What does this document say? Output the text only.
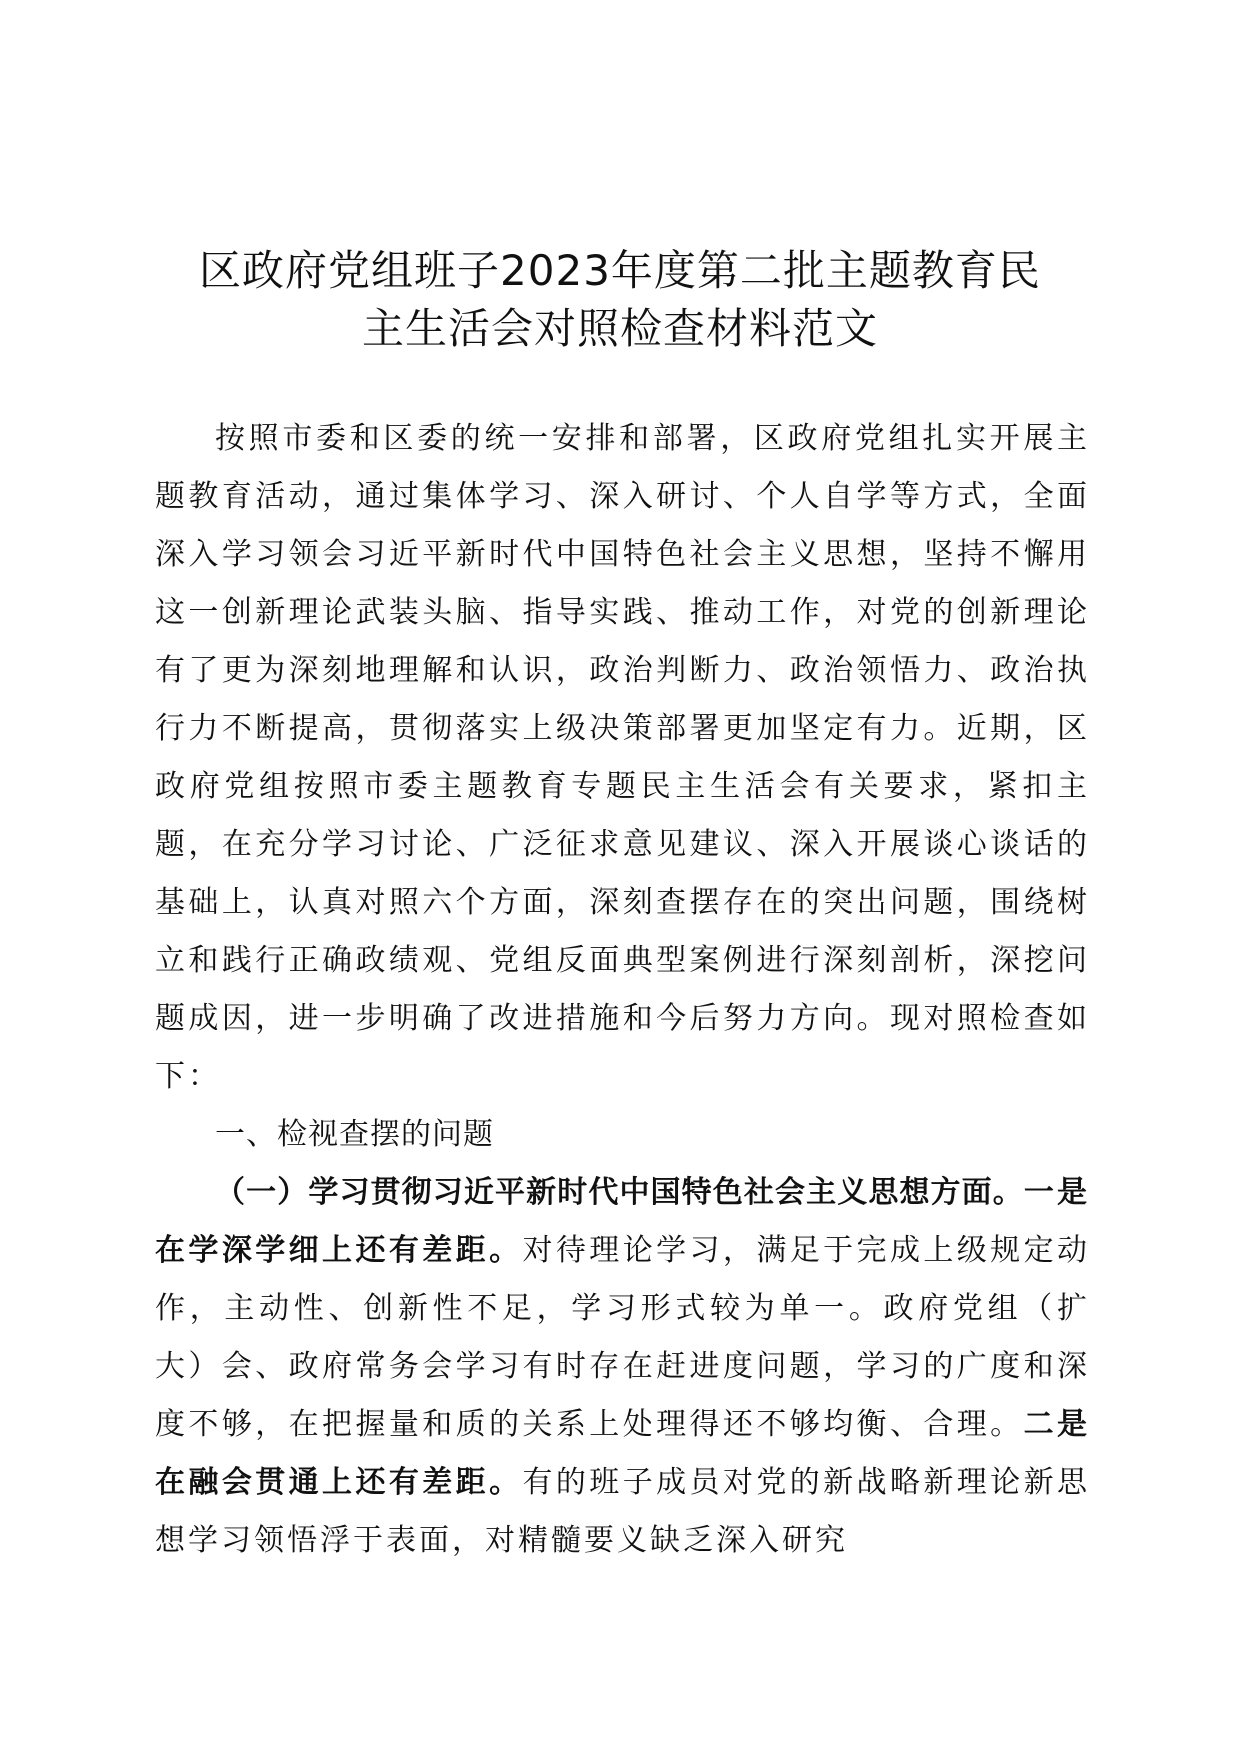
区政府党组班子2023年度第二批主题教育民
主生活会对照检查材料范文

按照市委和区委的统一安排和部署，区政府党组扎实开展主题教育活动，通过集体学习、深入研讨、个人自学等方式，全面深入学习领会习近平新时代中国特色社会主义思想，坚持不懈用这一创新理论武装头脑、指导实践、推动工作，对党的创新理论有了更为深刻地理解和认识，政治判断力、政治领悟力、政治执行力不断提高，贯彻落实上级决策部署更加坚定有力。近期，区政府党组按照市委主题教育专题民主生活会有关要求，紧扣主题，在充分学习讨论、广泛征求意见建议、深入开展谈心谈话的基础上，认真对照六个方面，深刻查摆存在的突出问题，围绕树立和践行正确政绩观、党组反面典型案例进行深刻剖析，深挖问题成因，进一步明确了改进措施和今后努力方向。现对照检查如下：

一、检视查摆的问题

（一）学习贯彻习近平新时代中国特色社会主义思想方面。一是在学深学细上还有差距。对待理论学习，满足于完成上级规定动作，主动性、创新性不足，学习形式较为单一。政府党组（扩大）会、政府常务会学习有时存在赶进度问题，学习的广度和深度不够，在把握量和质的关系上处理得还不够均衡、合理。二是在融会贯通上还有差距。有的班子成员对党的新战略新理论新思想学习领悟浮于表面，对精髓要义缺乏深入研究
